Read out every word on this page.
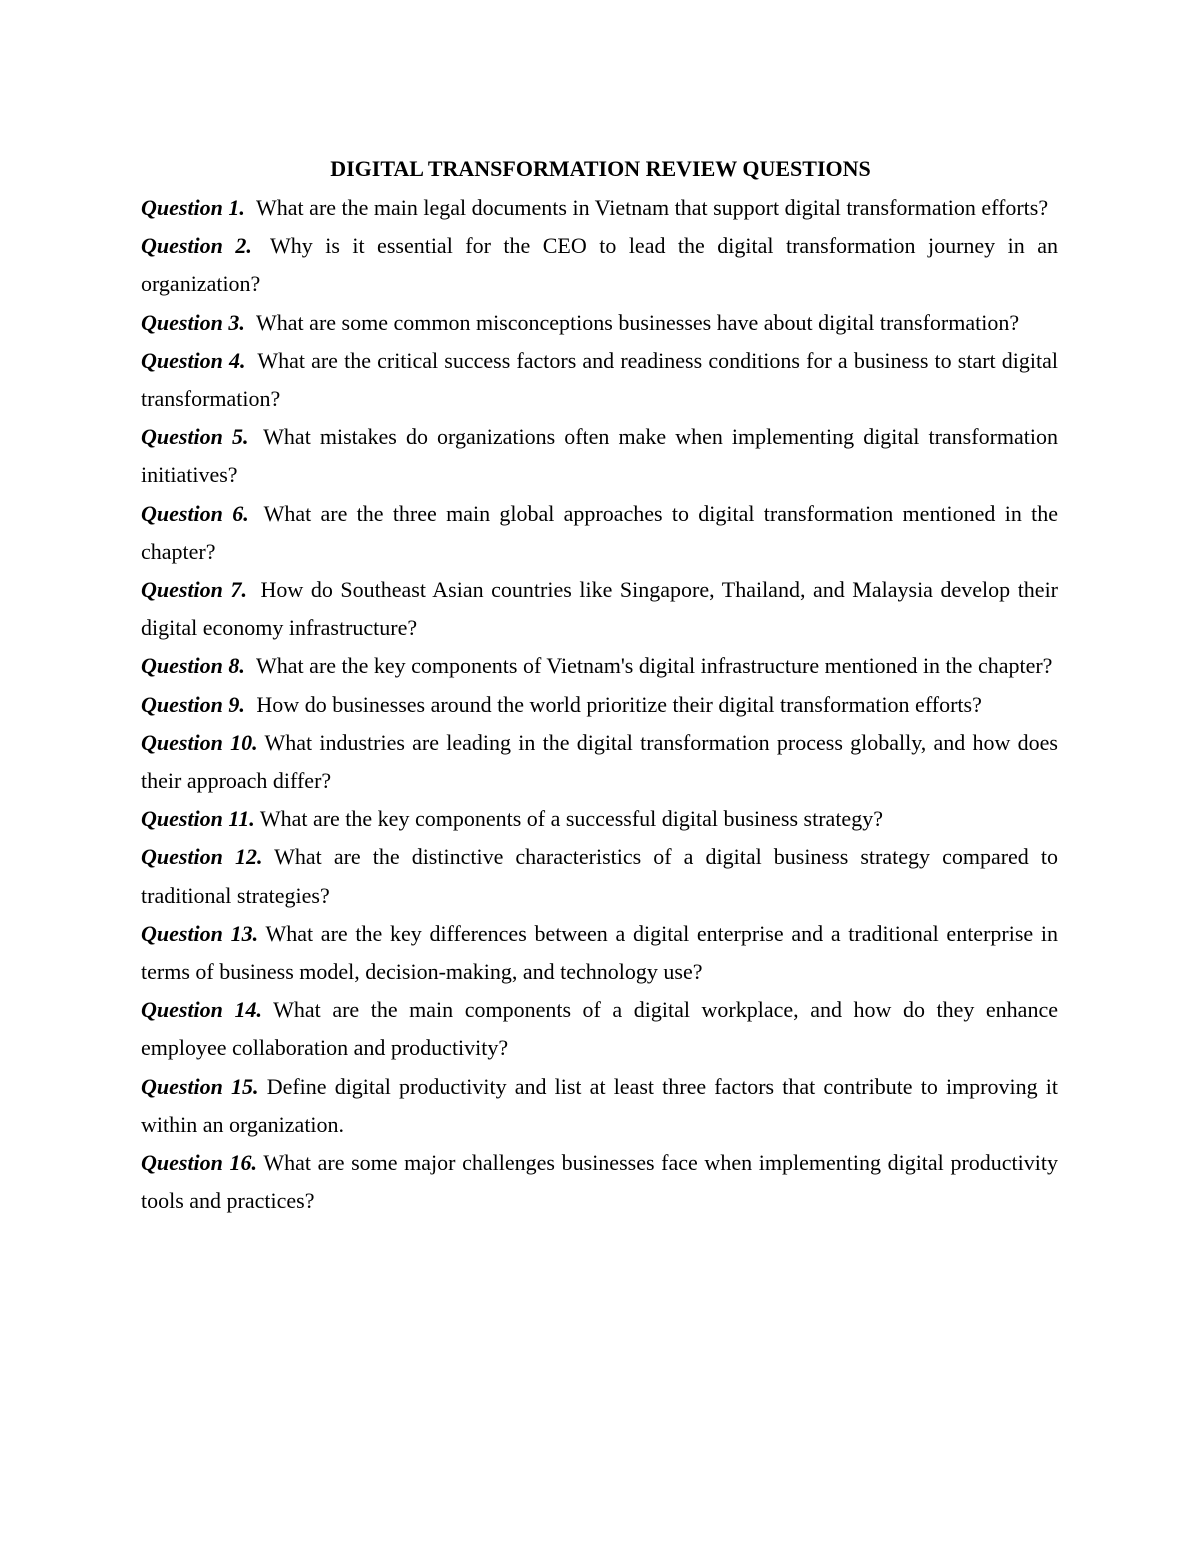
DIGITAL TRANSFORMATION REVIEW QUESTIONS
Question 1. What are the main legal documents in Vietnam that support digital transformation efforts?
Question 2. Why is it essential for the CEO to lead the digital transformation journey in an organization?
Question 3. What are some common misconceptions businesses have about digital transformation?
Question 4. What are the critical success factors and readiness conditions for a business to start digital transformation?
Question 5. What mistakes do organizations often make when implementing digital transformation initiatives?
Question 6. What are the three main global approaches to digital transformation mentioned in the chapter?
Question 7. How do Southeast Asian countries like Singapore, Thailand, and Malaysia develop their digital economy infrastructure?
Question 8. What are the key components of Vietnam's digital infrastructure mentioned in the chapter?
Question 9. How do businesses around the world prioritize their digital transformation efforts?
Question 10. What industries are leading in the digital transformation process globally, and how does their approach differ?
Question 11. What are the key components of a successful digital business strategy?
Question 12. What are the distinctive characteristics of a digital business strategy compared to traditional strategies?
Question 13. What are the key differences between a digital enterprise and a traditional enterprise in terms of business model, decision-making, and technology use?
Question 14. What are the main components of a digital workplace, and how do they enhance employee collaboration and productivity?
Question 15. Define digital productivity and list at least three factors that contribute to improving it within an organization.
Question 16. What are some major challenges businesses face when implementing digital productivity tools and practices?
